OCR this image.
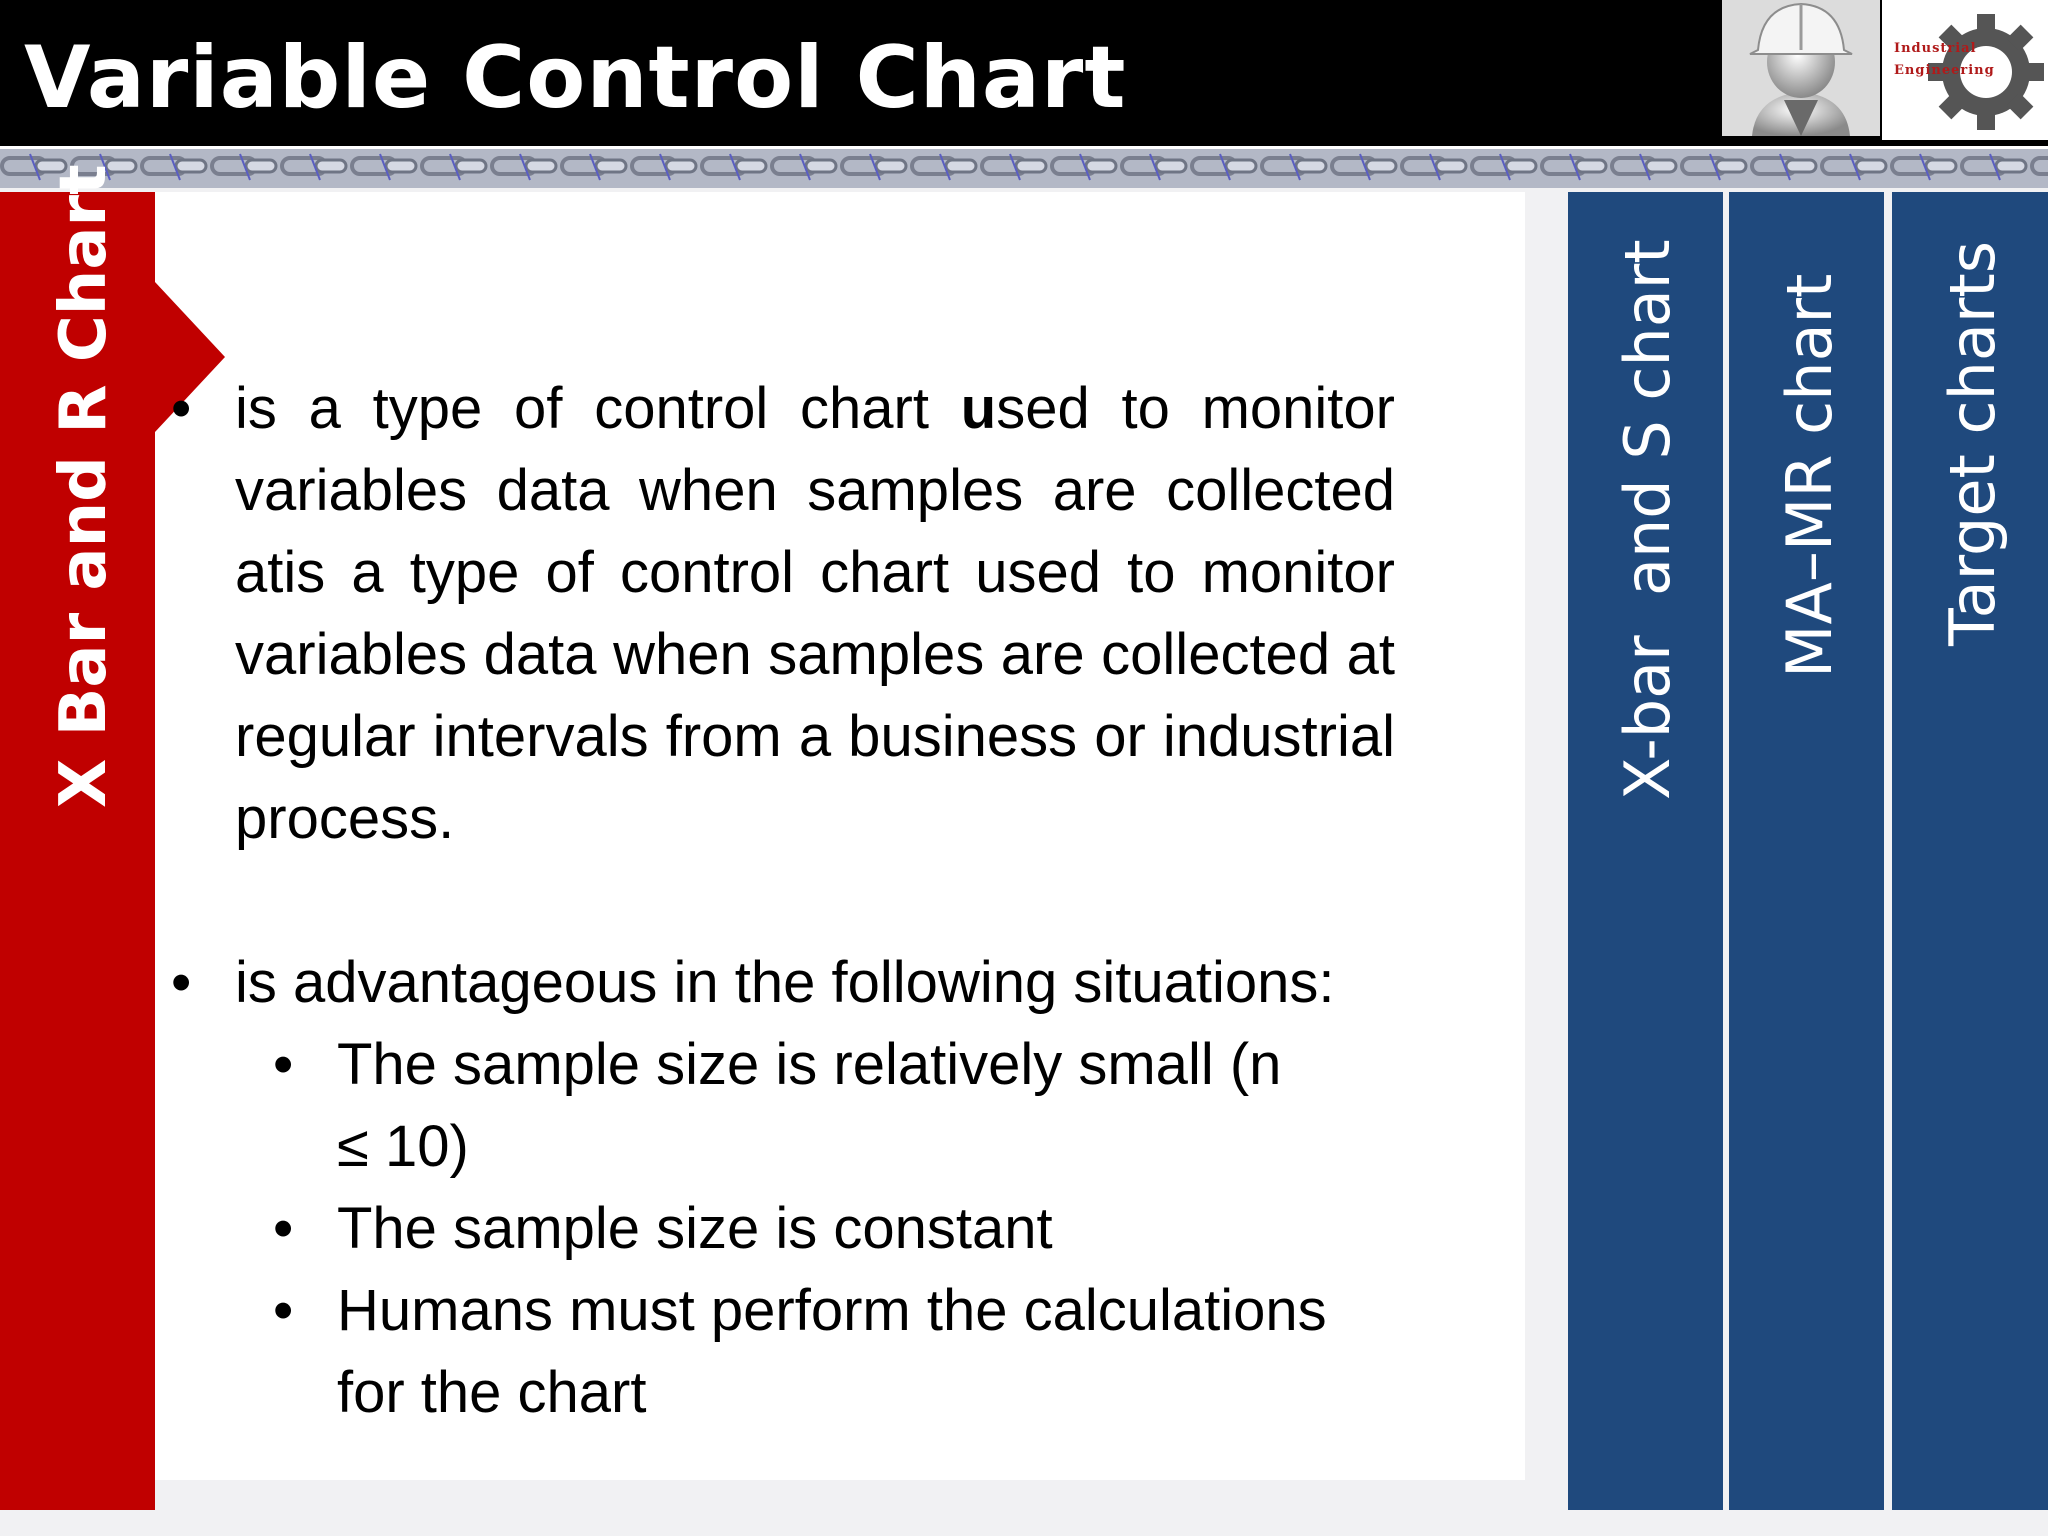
Variable Control Chart	Industrial
Engineering
X Bar and R Chart	X-bar  and S chart MA–MR chart Target charts
• is a type of control chart used to monitor variables data when samples are collected atis a type of control chart used to monitor variables data when samples are collected at regular intervals from a business or industrial process.
• is advantageous in the following situations:
• The sample size is relatively small (n ≤ 10)
• The sample size is constant
• Humans must perform the calculations for the chart
